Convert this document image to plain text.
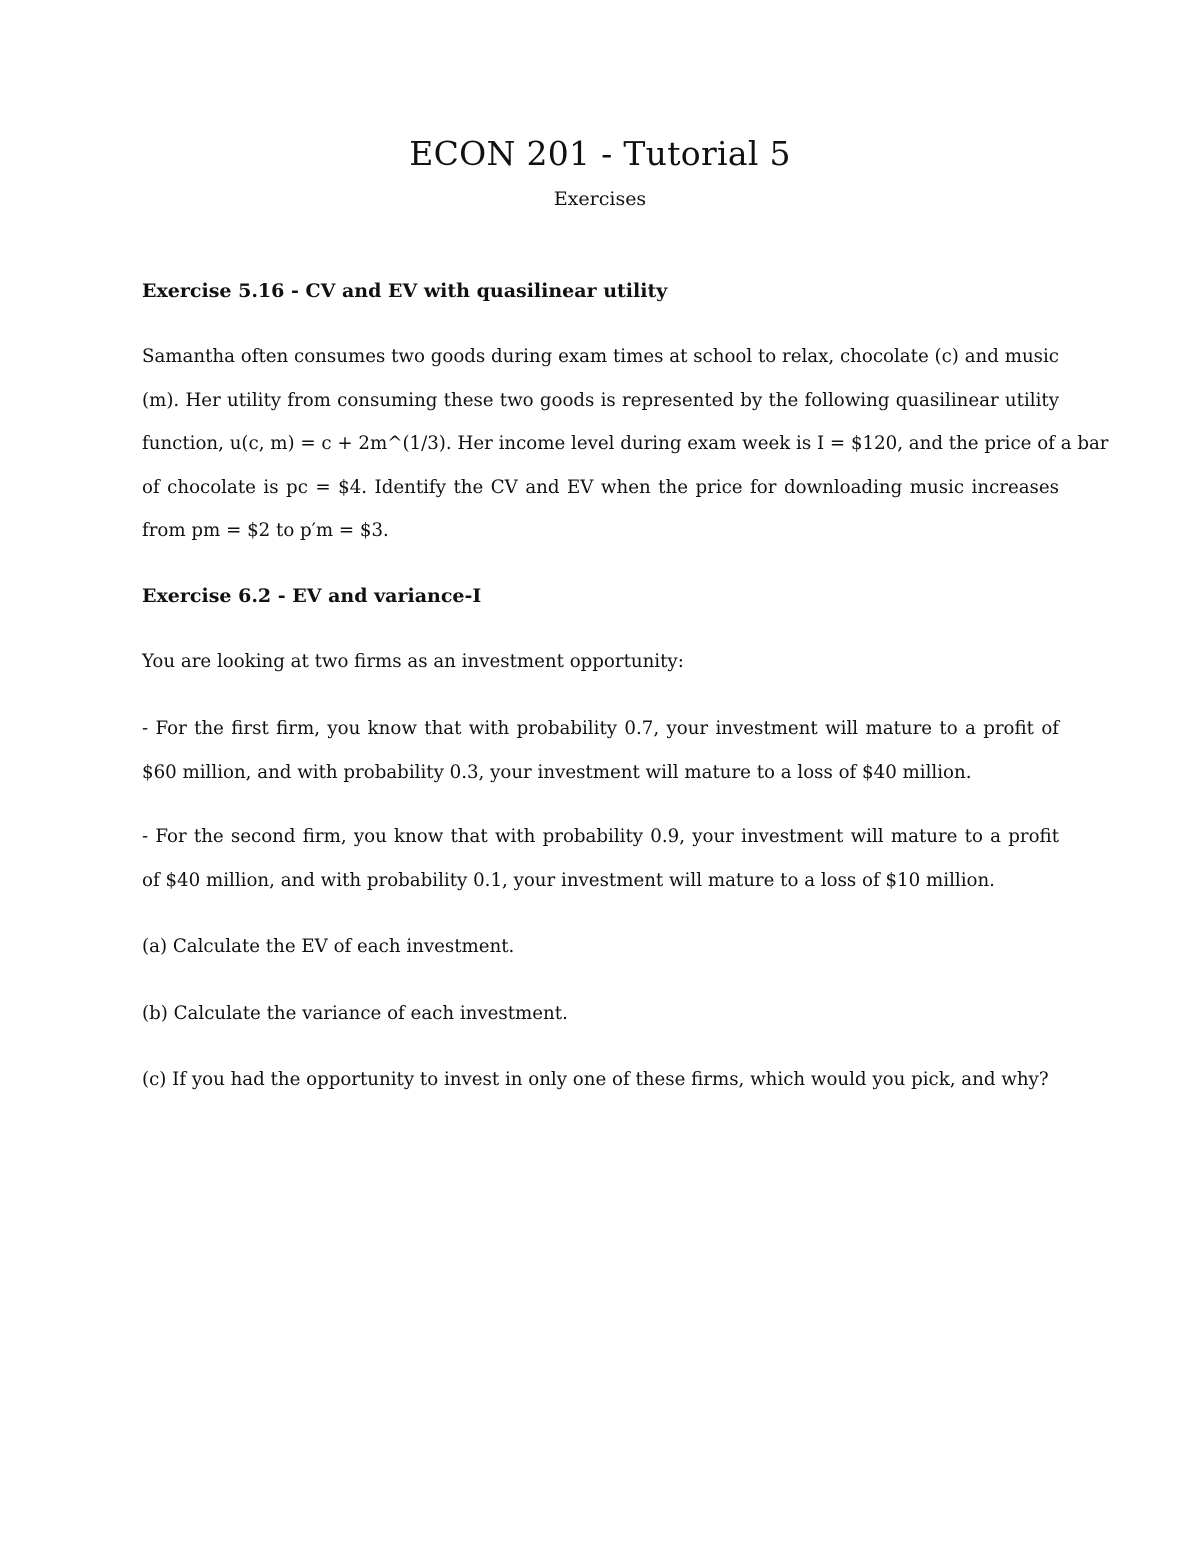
ECON 201 - Tutorial 5

Exercises

Exercise 5.16 - CV and EV with quasilinear utility
Samantha often consumes two goods during exam times at school to relax, chocolate (c) and music
(m). Her utility from consuming these two goods is represented by the following quasilinear utility
function, u(c, m) = c + 2m^(1/3). Her income level during exam week is I = $120, and the price of a bar
of chocolate is pc = $4. Identify the CV and EV when the price for downloading music increases
from pm = $2 to p′m = $3.
Exercise 6.2 - EV and variance-I

You are looking at two firms as an investment opportunity:

- For the first firm, you know that with probability 0.7, your investment will mature to a profit of
$60 million, and with probability 0.3, your investment will mature to a loss of $40 million.
- For the second firm, you know that with probability 0.9, your investment will mature to a profit
of $40 million, and with probability 0.1, your investment will mature to a loss of $10 million.

(a) Calculate the EV of each investment.

(b) Calculate the variance of each investment.

(c) If you had the opportunity to invest in only one of these firms, which would you pick, and why?
